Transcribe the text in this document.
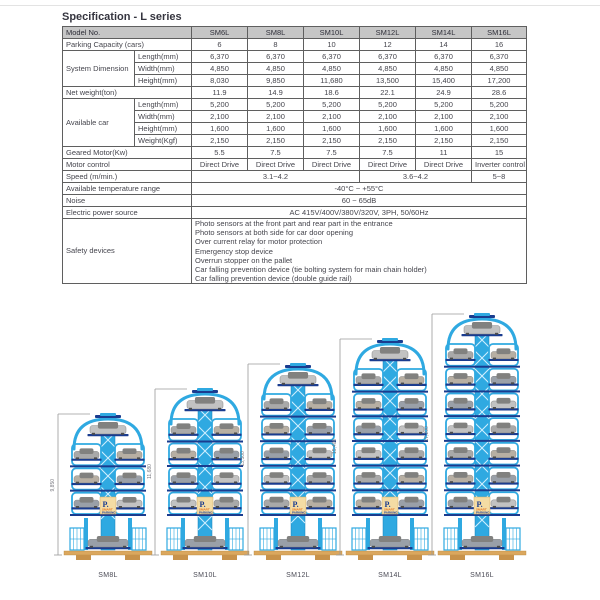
Specification - L series
Model No.		SM6L	SM8L	SM10L	SM12L	SM14L	SM16L
Parking Capacity (cars)		6	8	10	12	14	16
System Dimension	Length(mm)	6,370	6,370	6,370	6,370	6,370	6,370
	Width(mm)	4,850	4,850	4,850	4,850	4,850	4,850
	Height(mm)	8,030	9,850	11,680	13,500	15,400	17,200
Net weight(ton)		11.9	14.9	18.6	22.1	24.9	28.6
Available car	Length(mm)	5,200	5,200	5,200	5,200	5,200	5,200
	Width(mm)	2,100	2,100	2,100	2,100	2,100	2,100
	Height(mm)	1,600	1,600	1,600	1,600	1,600	1,600
	Weight(Kgf)	2,150	2,150	2,150	2,150	2,150	2,150
Geared Motor(Kw)		5.5	7.5	7.5	7.5	11	15
Motor control		Direct Drive	Direct Drive	Direct Drive	Direct Drive	Direct Drive	Inverter control
Speed (m/min.)		3.1~4.2			3.6~4.2		5~8
Available temperature range		-40°C ~ +55°C					
Noise		60 ~ 65dB					
Electric power source		AC 415V/400V/380V/320V, 3PH, 50/60Hz					
Safety devices	
Photo sensors at the front part and rear part in the entrance
Photo sensors at both side for car door opening
Over current relay for motor protection
Emergency stop device
Overrun stopper on the pallet
Car falling prevention device (tie bolting system for main chain holder)
Car falling prevention device (double guide rail)
9,850
P.
SMART
PARKING
SM8L
11,680
P.
SMART
PARKING
SM10L
13,500
P.
SMART
PARKING
SM12L
15,400
P.
SMART
PARKING
SM14L
17,200
P.
SMART
PARKING
SM16L
